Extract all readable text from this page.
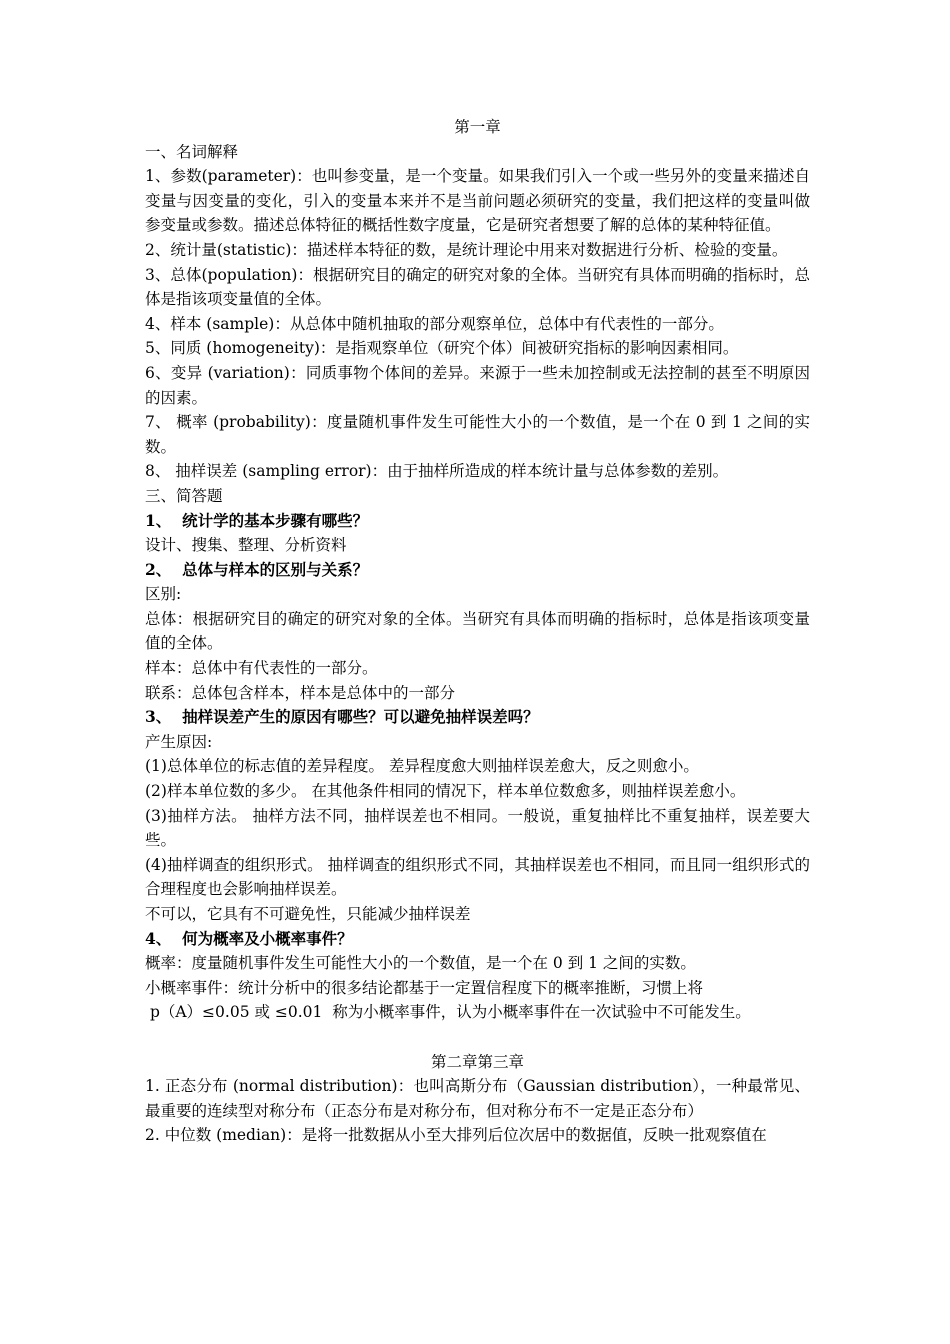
第一章

一、名词解释

1、参数(parameter)：也叫参变量，是一个变量。如果我们引入一个或一些另外的变量来描述自变量与因变量的变化，引入的变量本来并不是当前问题必须研究的变量，我们把这样的变量叫做参变量或参数。描述总体特征的概括性数字度量，它是研究者想要了解的总体的某种特征值。

2、统计量(statistic)：描述样本特征的数，是统计理论中用来对数据进行分析、检验的变量。

3、总体(population)：根据研究目的确定的研究对象的全体。当研究有具体而明确的指标时，总体是指该项变量值的全体。

4、样本 (sample)：从总体中随机抽取的部分观察单位，总体中有代表性的一部分。

5、同质 (homogeneity)：是指观察单位（研究个体）间被研究指标的影响因素相同。

6、变异 (variation)：同质事物个体间的差异。来源于一些未加控制或无法控制的甚至不明原因的因素。

7、 概率 (probability)：度量随机事件发生可能性大小的一个数值，是一个在 0 到 1 之间的实数。

8、 抽样误差 (sampling error)：由于抽样所造成的样本统计量与总体参数的差别。

三、简答题

1、  统计学的基本步骤有哪些？

设计、搜集、整理、分析资料

2、  总体与样本的区别与关系？

区别:

总体：根据研究目的确定的研究对象的全体。当研究有具体而明确的指标时，总体是指该项变量值的全体。

样本：总体中有代表性的一部分。

联系：总体包含样本，样本是总体中的一部分

3、  抽样误差产生的原因有哪些？可以避免抽样误差吗？

产生原因:

(1)总体单位的标志值的差异程度。 差异程度愈大则抽样误差愈大，反之则愈小。

(2)样本单位数的多少。 在其他条件相同的情况下，样本单位数愈多，则抽样误差愈小。

(3)抽样方法。 抽样方法不同，抽样误差也不相同。一般说，重复抽样比不重复抽样，误差要大些。

(4)抽样调查的组织形式。 抽样调查的组织形式不同，其抽样误差也不相同，而且同一组织形式的合理程度也会影响抽样误差。

不可以，它具有不可避免性，只能减少抽样误差

4、  何为概率及小概率事件？

概率：度量随机事件发生可能性大小的一个数值，是一个在 0 到 1 之间的实数。

小概率事件：统计分析中的很多结论都基于一定置信程度下的概率推断，习惯上将

p（A）≤0.05 或 ≤0.01  称为小概率事件，认为小概率事件在一次试验中不可能发生。

第二章第三章

1. 正态分布 (normal distribution)：也叫高斯分布（Gaussian distribution），一种最常见、最重要的连续型对称分布（正态分布是对称分布，但对称分布不一定是正态分布）

2. 中位数 (median)：是将一批数据从小至大排列后位次居中的数据值，反映一批观察值在
